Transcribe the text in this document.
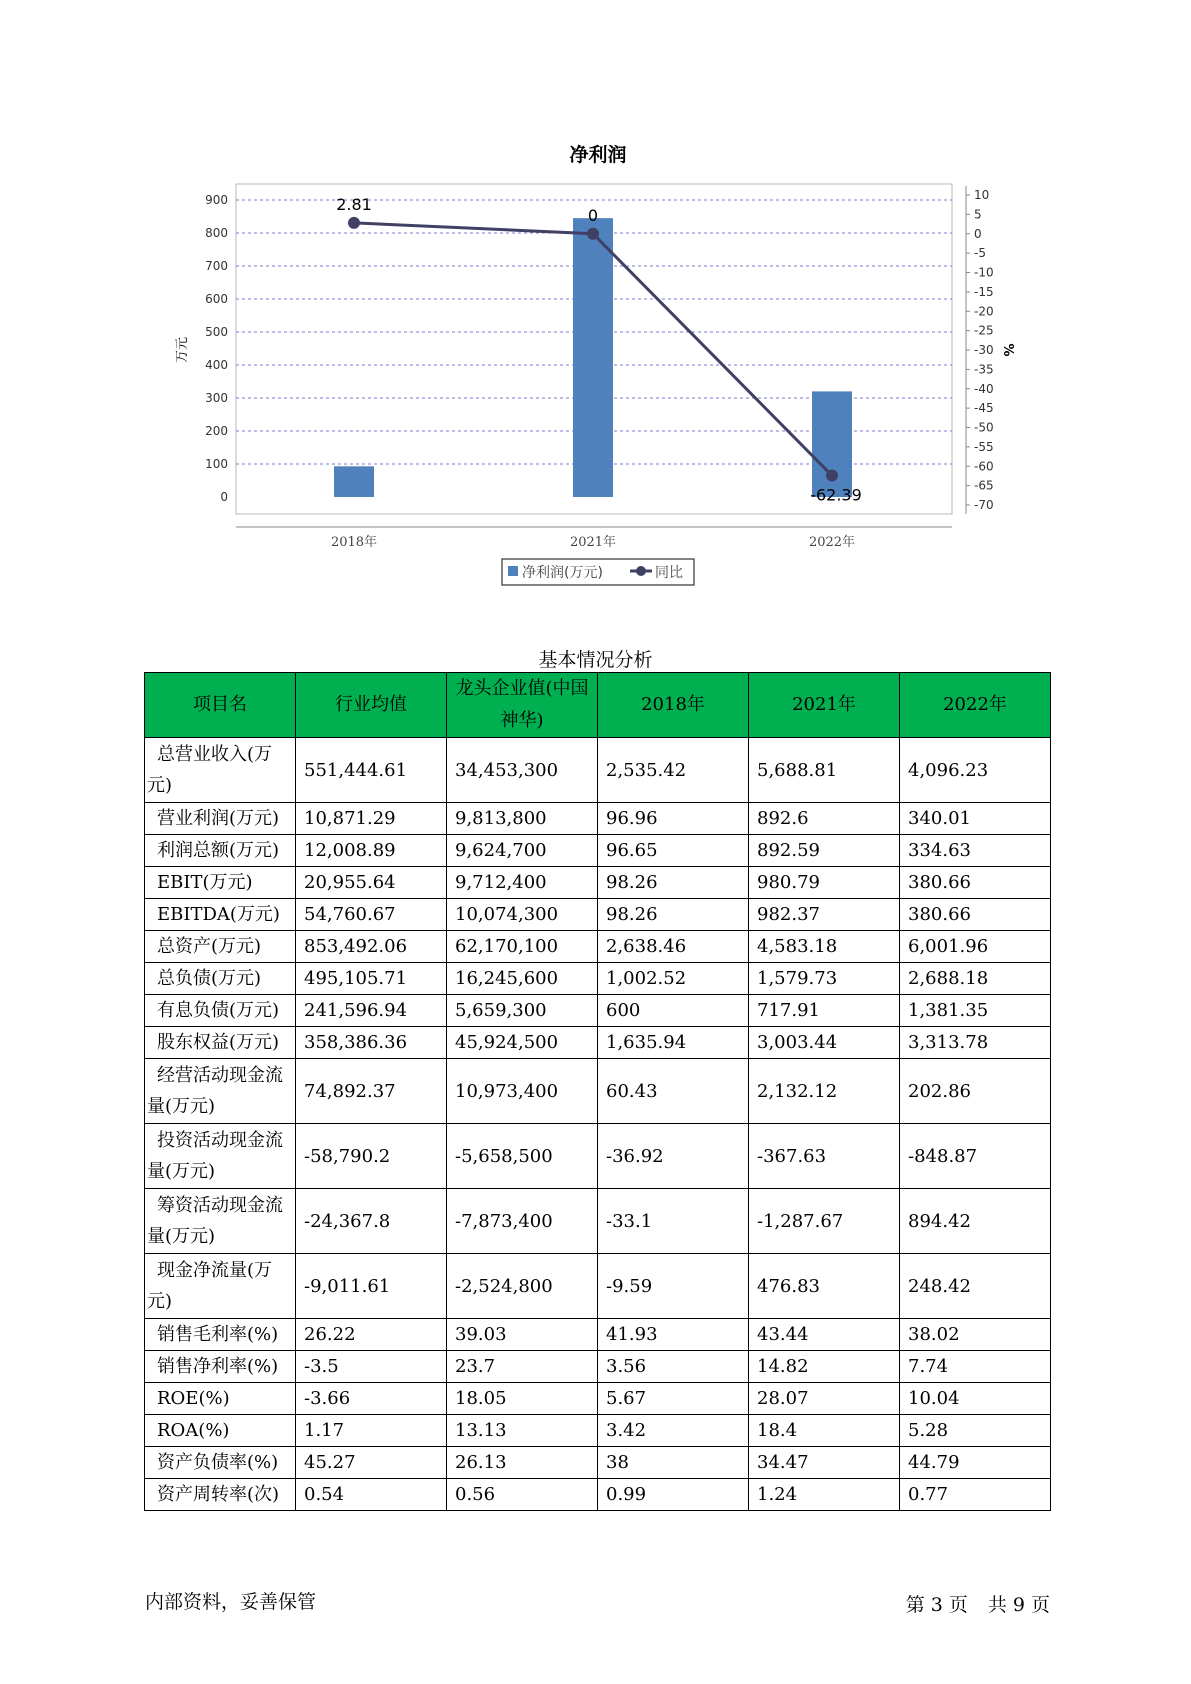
净利润
0
100
200
300
400
500
600
700
800
900	10
5
0
-5
-10
-15
-20
-25
-30
-35
-40
-45
-50
-55
-60
-65
-70
2.81
0
-62.39
2018年	2021年	2022年
万元	%
净利润(万元)	同比
基本情况分析
项目名	行业均值	龙头企业值(中国神华)	2018年	2021年	2022年
总营业收入(万元)	551,444.61	34,453,300	2,535.42	5,688.81	4,096.23
营业利润(万元)	10,871.29	9,813,800	96.96	892.6	340.01
利润总额(万元)	12,008.89	9,624,700	96.65	892.59	334.63
EBIT(万元)	20,955.64	9,712,400	98.26	980.79	380.66
EBITDA(万元)	54,760.67	10,074,300	98.26	982.37	380.66
总资产(万元)	853,492.06	62,170,100	2,638.46	4,583.18	6,001.96
总负债(万元)	495,105.71	16,245,600	1,002.52	1,579.73	2,688.18
有息负债(万元)	241,596.94	5,659,300	600	717.91	1,381.35
股东权益(万元)	358,386.36	45,924,500	1,635.94	3,003.44	3,313.78
经营活动现金流量(万元)	74,892.37	10,973,400	60.43	2,132.12	202.86
投资活动现金流量(万元)	-58,790.2	-5,658,500	-36.92	-367.63	-848.87
筹资活动现金流量(万元)	-24,367.8	-7,873,400	-33.1	-1,287.67	894.42
现金净流量(万元)	-9,011.61	-2,524,800	-9.59	476.83	248.42
销售毛利率(%)	26.22	39.03	41.93	43.44	38.02
销售净利率(%)	-3.5	23.7	3.56	14.82	7.74
ROE(%)	-3.66	18.05	5.67	28.07	10.04
ROA(%)	1.17	13.13	3.42	18.4	5.28
资产负债率(%)	45.27	26.13	38	34.47	44.79
资产周转率(次)	0.54	0.56	0.99	1.24	0.77
内部资料，妥善保管	第 3 页 共 9 页
